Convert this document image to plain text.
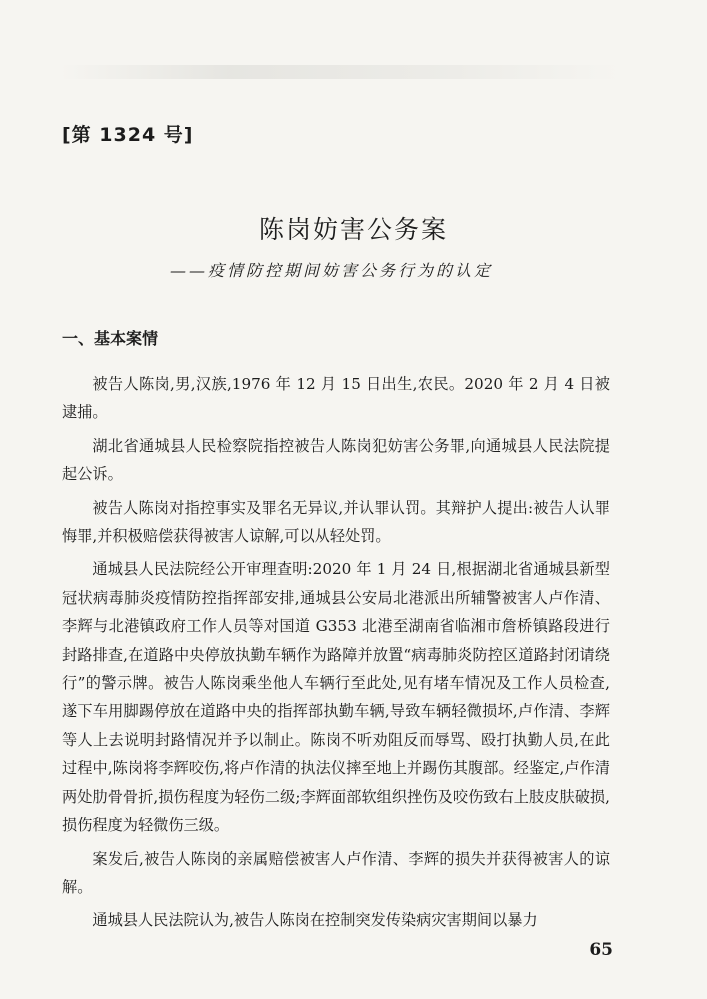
[第 1324 号]
陈岗妨害公务案
——疫情防控期间妨害公务行为的认定
一、基本案情

被告人陈岗,男,汉族,1976 年 12 月 15 日出生,农民。2020 年 2 月 4 日被逮捕。

湖北省通城县人民检察院指控被告人陈岗犯妨害公务罪,向通城县人民法院提起公诉。

被告人陈岗对指控事实及罪名无异议,并认罪认罚。其辩护人提出:被告人认罪悔罪,并积极赔偿获得被害人谅解,可以从轻处罚。

通城县人民法院经公开审理查明:2020 年 1 月 24 日,根据湖北省通城县新型冠状病毒肺炎疫情防控指挥部安排,通城县公安局北港派出所辅警被害人卢作清、李辉与北港镇政府工作人员等对国道 G353 北港至湖南省临湘市詹桥镇路段进行封路排查,在道路中央停放执勤车辆作为路障并放置“病毒肺炎防控区道路封闭请绕行”的警示牌。被告人陈岗乘坐他人车辆行至此处,见有堵车情况及工作人员检查,遂下车用脚踢停放在道路中央的指挥部执勤车辆,导致车辆轻微损坏,卢作清、李辉等人上去说明封路情况并予以制止。陈岗不听劝阻反而辱骂、殴打执勤人员,在此过程中,陈岗将李辉咬伤,将卢作清的执法仪摔至地上并踢伤其腹部。经鉴定,卢作清两处肋骨骨折,损伤程度为轻伤二级;李辉面部软组织挫伤及咬伤致右上肢皮肤破损,损伤程度为轻微伤三级。

案发后,被告人陈岗的亲属赔偿被害人卢作清、李辉的损失并获得被害人的谅解。

通城县人民法院认为,被告人陈岗在控制突发传染病灾害期间以暴力

65
